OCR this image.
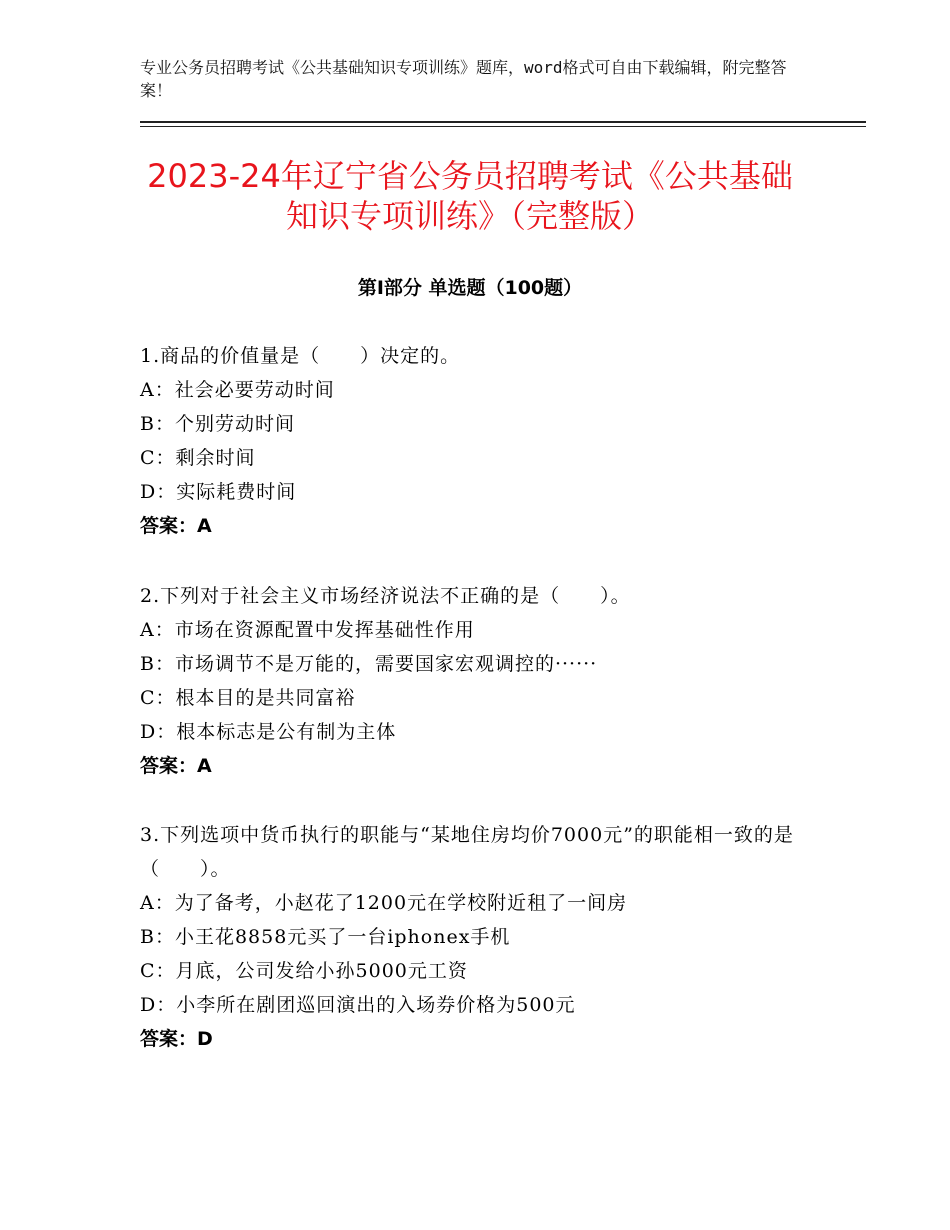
专业公务员招聘考试《公共基础知识专项训练》题库，word格式可自由下载编辑，附完整答案！
2023-24年辽宁省公务员招聘考试《公共基础知识专项训练》（完整版）
第Ⅰ部分 单选题（100题）

1.商品的价值量是（　　）决定的。

A：社会必要劳动时间

B：个别劳动时间

C：剩余时间

D：实际耗费时间

答案：A

2.下列对于社会主义市场经济说法不正确的是（　　）。

A：市场在资源配置中发挥基础性作用

B：市场调节不是万能的，需要国家宏观调控的······

C：根本目的是共同富裕

D：根本标志是公有制为主体

答案：A

3.下列选项中货币执行的职能与“某地住房均价7000元”的职能相一致的是（　　）。

A：为了备考，小赵花了1200元在学校附近租了一间房

B：小王花8858元买了一台iphonex手机

C：月底，公司发给小孙5000元工资

D：小李所在剧团巡回演出的入场券价格为500元

答案：D
